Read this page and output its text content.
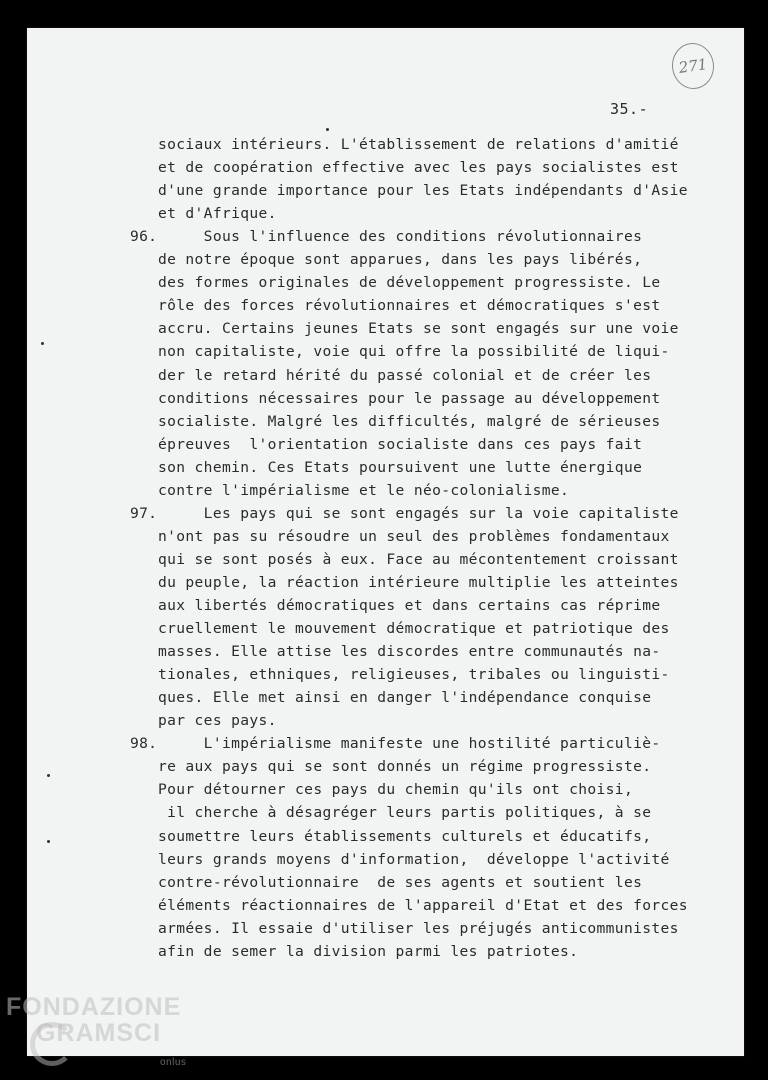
271
35.-
sociaux intérieurs. L'établissement de relations d'amitié
et de coopération effective avec les pays socialistes est
d'une grande importance pour les Etats indépendants d'Asie
et d'Afrique.
96. Sous l'influence des conditions révolutionnaires
de notre époque sont apparues, dans les pays libérés,
des formes originales de développement progressiste. Le
rôle des forces révolutionnaires et démocratiques s'est
accru. Certains jeunes Etats se sont engagés sur une voie
non capitaliste, voie qui offre la possibilité de liqui-
der le retard hérité du passé colonial et de créer les
conditions nécessaires pour le passage au développement
socialiste. Malgré les difficultés, malgré de sérieuses
épreuves  l'orientation socialiste dans ces pays fait
son chemin. Ces Etats poursuivent une lutte énergique
contre l'impérialisme et le néo-colonialisme.
97. Les pays qui se sont engagés sur la voie capitaliste
n'ont pas su résoudre un seul des problèmes fondamentaux
qui se sont posés à eux. Face au mécontentement croissant
du peuple, la réaction intérieure multiplie les atteintes
aux libertés démocratiques et dans certains cas réprime
cruellement le mouvement démocratique et patriotique des
masses. Elle attise les discordes entre communautés na-
tionales, ethniques, religieuses, tribales ou linguisti-
ques. Elle met ainsi en danger l'indépendance conquise
par ces pays.
98. L'impérialisme manifeste une hostilité particuliè-
re aux pays qui se sont donnés un régime progressiste.
Pour détourner ces pays du chemin qu'ils ont choisi,
il cherche à désagréger leurs partis politiques, à se
soumettre leurs établissements culturels et éducatifs,
leurs grands moyens d'information,  développe l'activité
contre-révolutionnaire  de ses agents et soutient les
éléments réactionnaires de l'appareil d'Etat et des forces
armées. Il essaie d'utiliser les préjugés anticommunistes
afin de semer la division parmi les patriotes.
FONDAZIONE
GRAMSCI
onlus
